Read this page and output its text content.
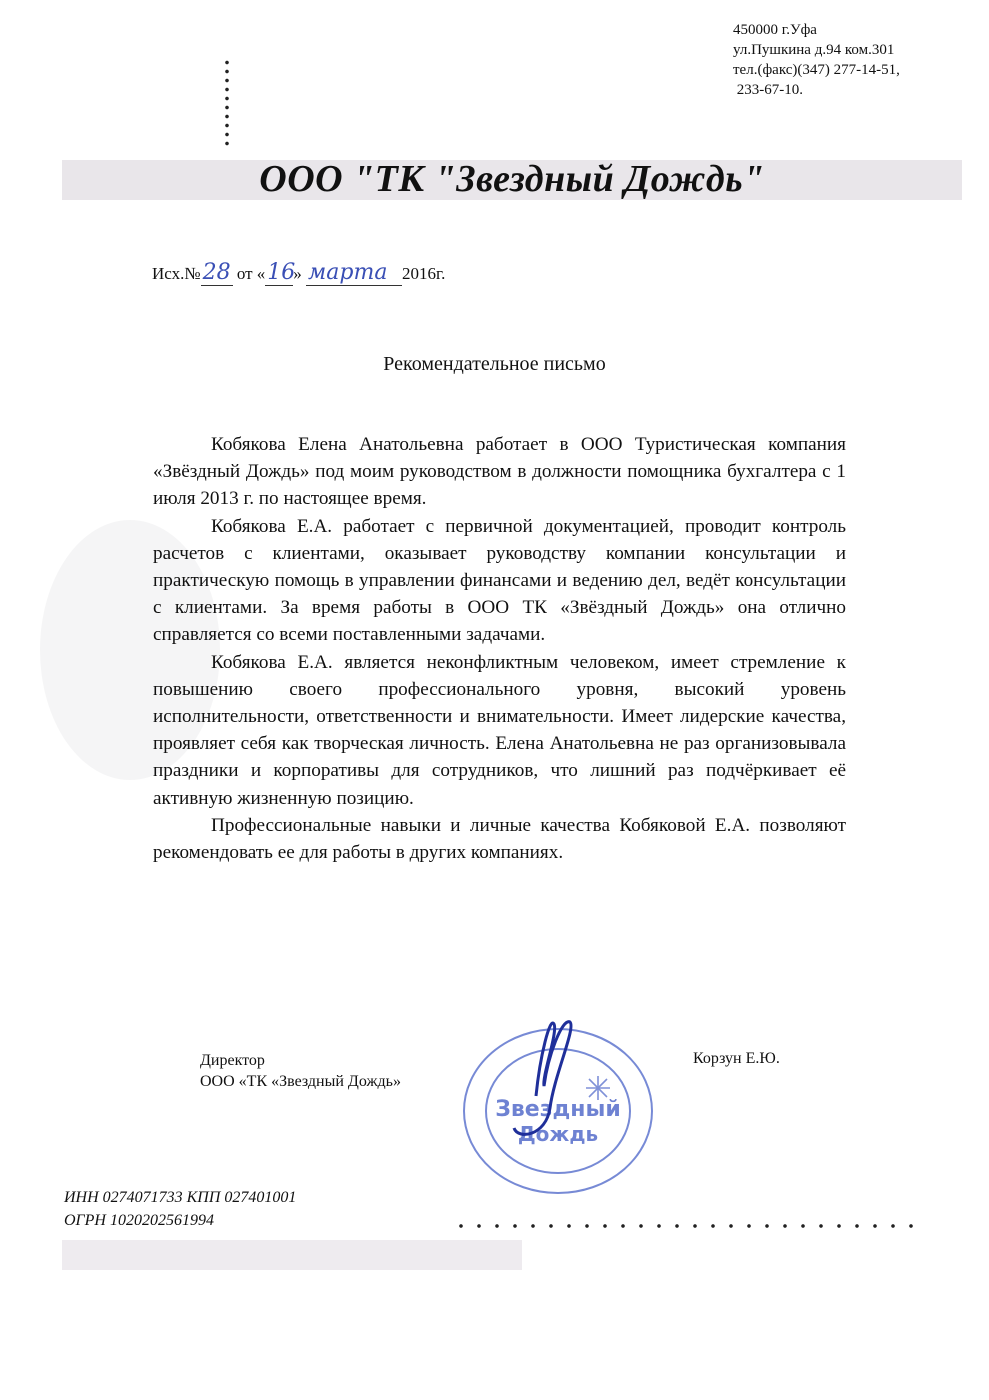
450000 г.Уфа
ул.Пушкина д.94 ком.301
тел.(факс)(347) 277-14-51,
233-67-10.
ООО "ТК "Звездный Дождь"
Исх.№28 от «16» марта 2016г.
Рекомендательное письмо

Кобякова Елена Анатольевна работает в ООО Туристическая компания «Звёздный Дождь» под моим руководством в должности помощника бухгалтера с 1 июля 2013 г. по настоящее время.

Кобякова Е.А. работает с первичной документацией, проводит контроль расчетов с клиентами, оказывает руководству компании консультации и практическую помощь в управлении финансами и ведению дел, ведёт консультации с клиентами. За время работы в ООО ТК «Звёздный Дождь» она отлично справляется со всеми поставленными задачами.

Кобякова Е.А. является неконфликтным человеком, имеет стремление к повышению своего профессионального уровня, высокий уровень исполнительности, ответственности и внимательности. Имеет лидерские качества, проявляет себя как творческая личность. Елена Анатольевна не раз организовывала праздники и корпоративы для сотрудников, что лишний раз подчёркивает её активную жизненную позицию.

Профессиональные навыки и личные качества Кобяковой Е.А. позволяют рекомендовать ее для работы в других компаниях.

Директор
ООО «ТК «Звездный Дождь»
Звездный
Дождь
Корзун Е.Ю.
ИНН 0274071733 КПП 027401001
ОГРН 1020202561994
